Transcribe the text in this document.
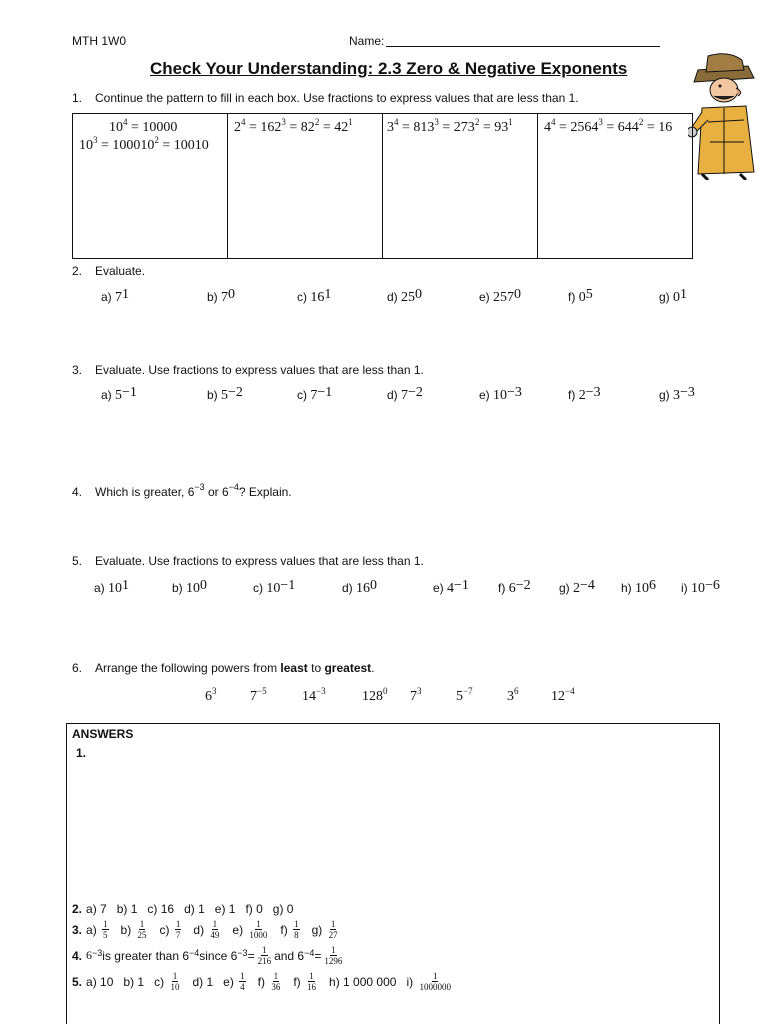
MTH 1W0	Name:
Check Your Understanding: 2.3 Zero & Negative Exponents
1. Continue the pattern to fill in each box. Use fractions to express values that are less than 1.
$10^4 = 10000$
$10^3 = 100010^2 = 10010$

$2^4 = 162^3 = 82^2 = 42^1$	$3^4 = 813^3 = 273^2 = 93^1$	$4^4 = 2564^3 = 644^2 = 16$
2. Evaluate.
a) $7^1$	b) $7^0$	c) $16^1$	d) $25^0$	e) $257^0$	f) $0^5$	g) $0^1$
3. Evaluate. Use fractions to express values that are less than 1.
a) $5^{-1}$	b) $5^{-2}$	c) $7^{-1}$	d) $7^{-2}$	e) $10^{-3}$	f) $2^{-3}$	g) $3^{-3}$
4. Which is greater, $6^{-3}$ or $6^{-4}$? Explain.
5. Evaluate. Use fractions to express values that are less than 1.
a) $10^1$	b) $10^0$	c) $10^{-1}$	d) $16^0$	e) $4^{-1}$ f) $6^{-2}$ g) $2^{-4}$ h) $10^6$ i) $10^{-6}$
6. Arrange the following powers from least to greatest.
$6^3$ $7^{-5}$	$14^{-3}$	$128^0$ $7^3$ $5^{-7}$ $3^6$ $12^{-4}$
ANSWERS
1.
2. a) 7 b) 1 c) 16 d) 1 e) 1 f) 0 g) 0
3. a)
$\frac{1}{5} b$)
$\frac{1}{25} c$)
$\frac{1}{7} d$)
$\frac{1}{49} e$)
$\frac{1}{1000} f$)
$\frac{1}{8} g$)
$\frac{1}{27}$
4. $6^{-3}$ is greater than $6^{-4}$ since $6^{-3} = \frac{1}{216}$ and $6^{-4} = \frac{1}{1296}$
5. a)
10 b)
1 c)
$\frac{1}{10} d$)
1 e)
$\frac{1}{4} f$)
$\frac{1}{36} f$)
$\frac{1}{16} h$)
1 000 000 i)
$\frac{1}{1000000}$
